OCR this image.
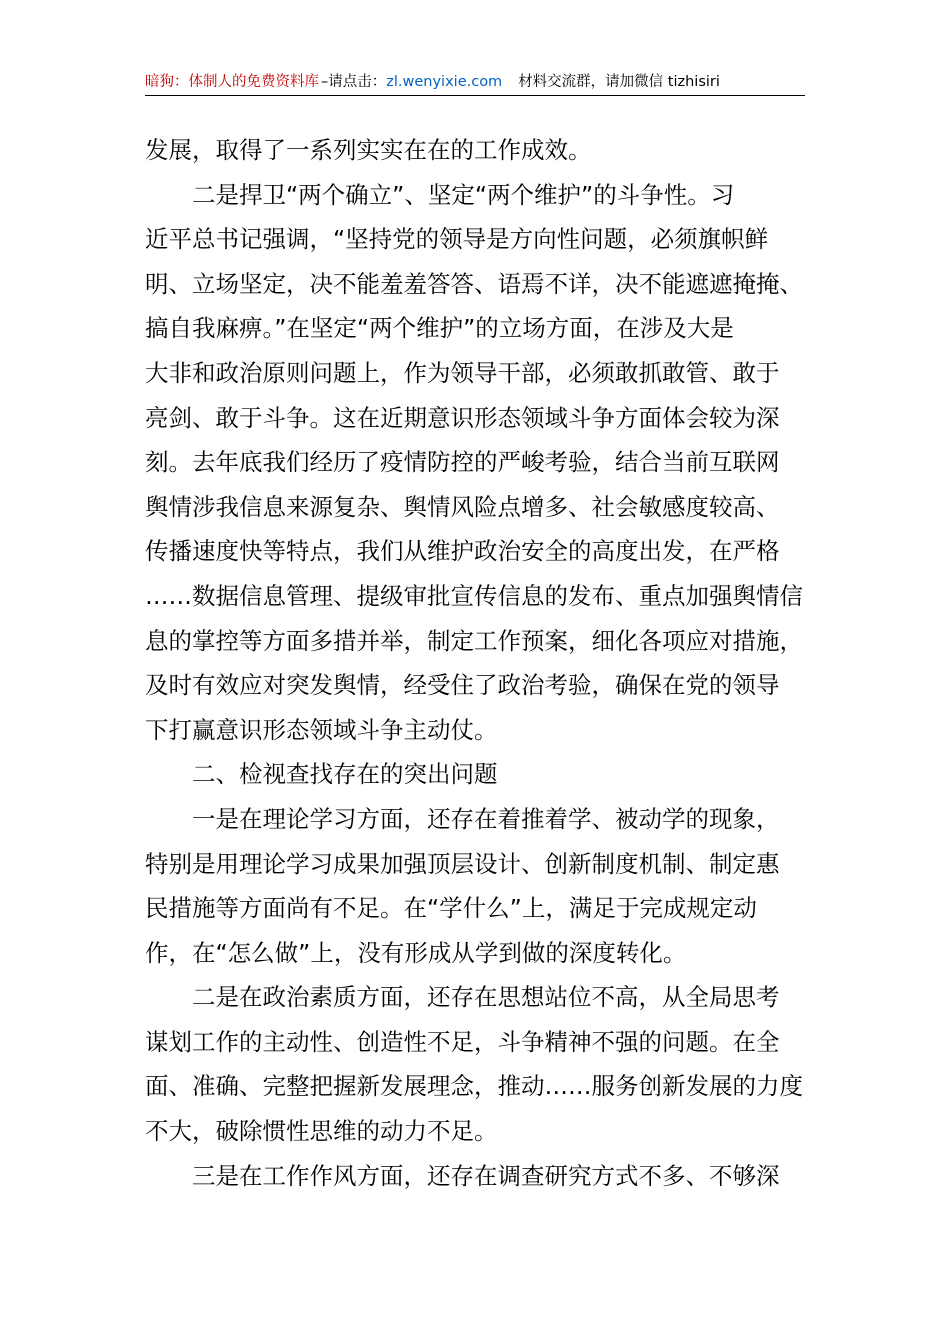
暗狗：体制人的免费资料库 –请点击：zl.wenyixie.com 材料交流群，请加微信 tizhisiri
发展，取得了一系列实实在在的工作成效。
二是捍卫“两个确立”、坚定“两个维护”的斗争性。习
近平总书记强调，“坚持党的领导是方向性问题，必须旗帜鲜
明、立场坚定，决不能羞羞答答、语焉不详，决不能遮遮掩掩、
搞自我麻痹。”在坚定“两个维护”的立场方面，在涉及大是
大非和政治原则问题上，作为领导干部，必须敢抓敢管、敢于
亮剑、敢于斗争。这在近期意识形态领域斗争方面体会较为深
刻。去年底我们经历了疫情防控的严峻考验，结合当前互联网
舆情涉我信息来源复杂、舆情风险点增多、社会敏感度较高、
传播速度快等特点，我们从维护政治安全的高度出发，在严格
……数据信息管理、提级审批宣传信息的发布、重点加强舆情信
息的掌控等方面多措并举，制定工作预案，细化各项应对措施，
及时有效应对突发舆情，经受住了政治考验，确保在党的领导
下打赢意识形态领域斗争主动仗。
二、检视查找存在的突出问题
一是在理论学习方面，还存在着推着学、被动学的现象，
特别是用理论学习成果加强顶层设计、创新制度机制、制定惠
民措施等方面尚有不足。在“学什么”上，满足于完成规定动
作，在“怎么做”上，没有形成从学到做的深度转化。
二是在政治素质方面，还存在思想站位不高，从全局思考
谋划工作的主动性、创造性不足，斗争精神不强的问题。在全
面、准确、完整把握新发展理念，推动……服务创新发展的力度
不大，破除惯性思维的动力不足。
三是在工作作风方面，还存在调查研究方式不多、不够深
